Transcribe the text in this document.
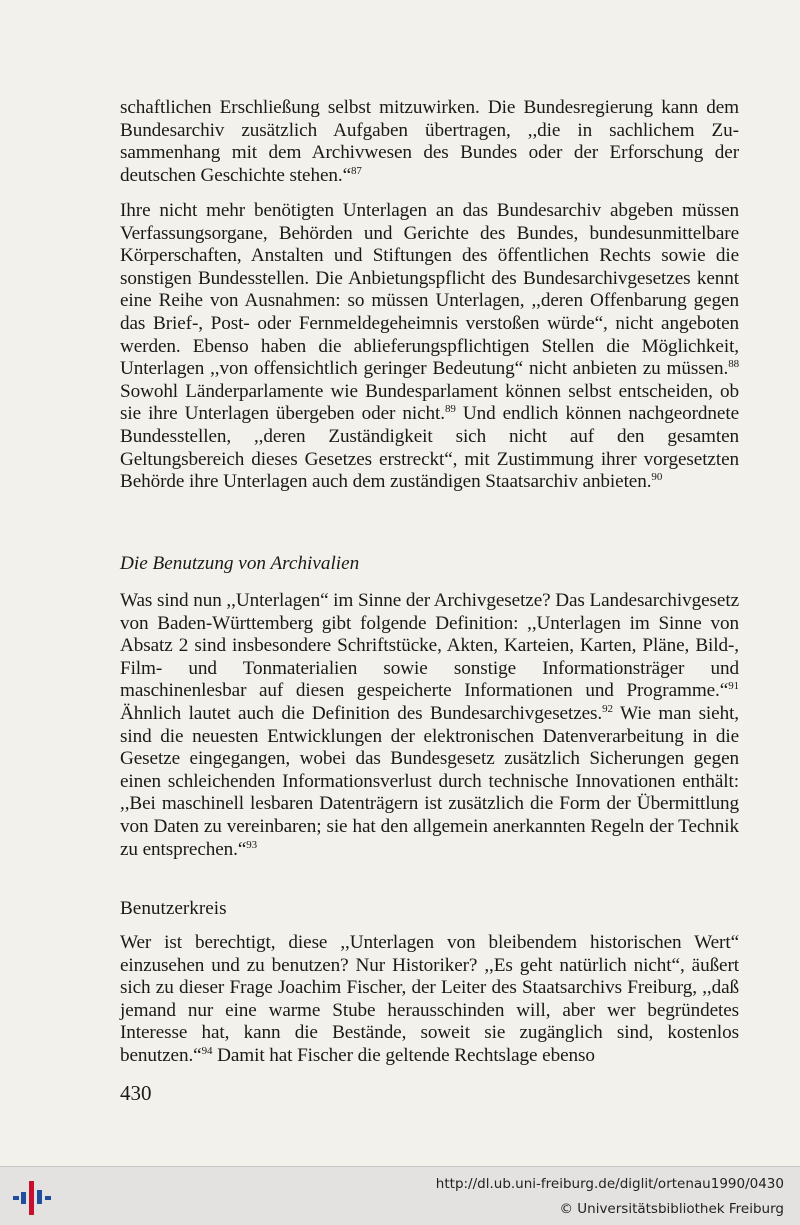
schaftlichen Erschließung selbst mitzuwirken. Die Bundesregierung kann dem Bundesarchiv zusätzlich Aufgaben übertragen, ,,die in sachlichem Zusammenhang mit dem Archivwesen des Bundes oder der Erforschung der deutschen Geschichte stehen.“$^{87}$

Ihre nicht mehr benötigten Unterlagen an das Bundesarchiv abgeben müssen Verfassungsorgane, Behörden und Gerichte des Bundes, bundesunmittelbare Körperschaften, Anstalten und Stiftungen des öffentlichen Rechts sowie die sonstigen Bundesstellen. Die Anbietungspflicht des Bundesarchivgesetzes kennt eine Reihe von Ausnahmen: so müssen Unterlagen, ,,deren Offenbarung gegen das Brief-, Post- oder Fernmeldegeheimnis verstoßen würde“, nicht angeboten werden. Ebenso haben die ablieferungspflichtigen Stellen die Möglichkeit, Unterlagen ,,von offensichtlich geringer Bedeutung“ nicht anbieten zu müssen.$^{88}$ Sowohl Länderparlamente wie Bundesparlament können selbst entscheiden, ob sie ihre Unterlagen übergeben oder nicht.$^{89}$ Und endlich können nachgeordnete Bundesstellen, ,,deren Zuständigkeit sich nicht auf den gesamten Geltungsbereich dieses Gesetzes erstreckt“, mit Zustimmung ihrer vorgesetzten Behörde ihre Unterlagen auch dem zuständigen Staatsarchiv anbieten.$^{90}$

Die Benutzung von Archivalien

Was sind nun ,,Unterlagen“ im Sinne der Archivgesetze? Das Landesarchivgesetz von Baden-Württemberg gibt folgende Definition: ,,Unterlagen im Sinne von Absatz 2 sind insbesondere Schriftstücke, Akten, Karteien, Karten, Pläne, Bild-, Film- und Tonmaterialien sowie sonstige Informationsträger und maschinenlesbar auf diesen gespeicherte Informationen und Programme.“$^{91}$ Ähnlich lautet auch die Definition des Bundesarchivgesetzes.$^{92}$ Wie man sieht, sind die neuesten Entwicklungen der elektronischen Datenverarbeitung in die Gesetze eingegangen, wobei das Bundesgesetz zusätzlich Sicherungen gegen einen schleichenden Informationsverlust durch technische Innovationen enthält: ,,Bei maschinell lesbaren Datenträgern ist zusätzlich die Form der Übermittlung von Daten zu vereinbaren; sie hat den allgemein anerkannten Regeln der Technik zu entsprechen.“$^{93}$

Benutzerkreis

Wer ist berechtigt, diese ,,Unterlagen von bleibendem historischen Wert“ einzusehen und zu benutzen? Nur Historiker? ,,Es geht natürlich nicht“, äußert sich zu dieser Frage Joachim Fischer, der Leiter des Staatsarchivs Freiburg, ,,daß jemand nur eine warme Stube herausschinden will, aber wer begründetes Interesse hat, kann die Bestände, soweit sie zugänglich sind, kostenlos benutzen.“$^{94}$ Damit hat Fischer die geltende Rechtslage ebenso

430
http://dl.ub.uni-freiburg.de/diglit/ortenau1990/0430
© Universitätsbibliothek Freiburg
